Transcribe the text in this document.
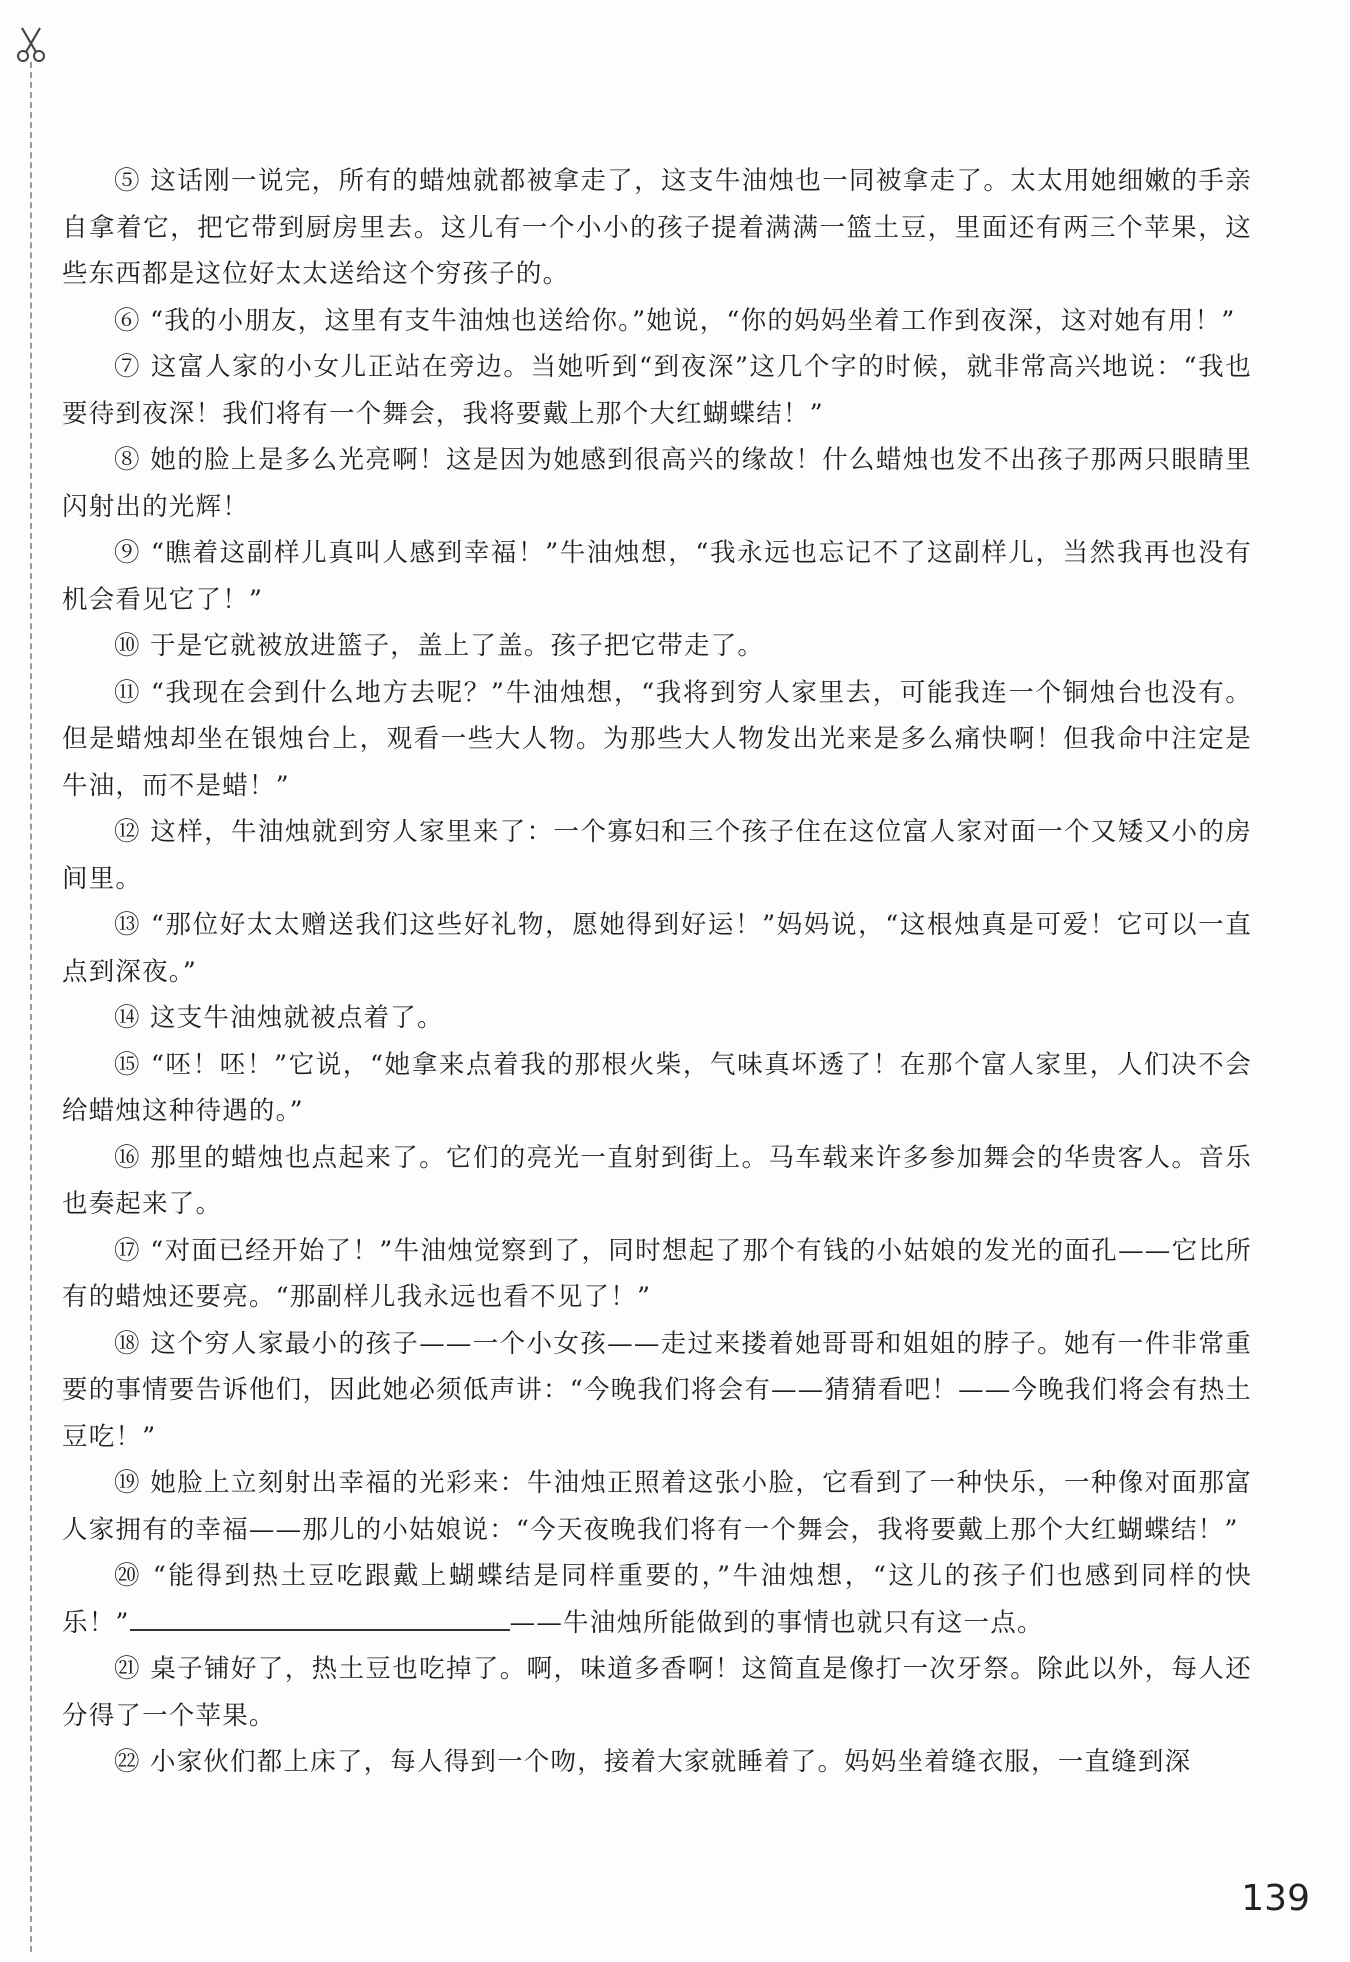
⑤ 这话刚一说完，所有的蜡烛就都被拿走了，这支牛油烛也一同被拿走了。太太用她细嫩的手亲自拿着它，把它带到厨房里去。这儿有一个小小的孩子提着满满一篮土豆，里面还有两三个苹果，这些东西都是这位好太太送给这个穷孩子的。

⑥ “我的小朋友，这里有支牛油烛也送给你。”她说，“你的妈妈坐着工作到夜深，这对她有用！”

⑦ 这富人家的小女儿正站在旁边。当她听到“到夜深”这几个字的时候，就非常高兴地说：“我也要待到夜深！我们将有一个舞会，我将要戴上那个大红蝴蝶结！”

⑧ 她的脸上是多么光亮啊！这是因为她感到很高兴的缘故！什么蜡烛也发不出孩子那两只眼睛里闪射出的光辉！

⑨ “瞧着这副样儿真叫人感到幸福！”牛油烛想，“我永远也忘记不了这副样儿，当然我再也没有机会看见它了！”

⑩ 于是它就被放进篮子，盖上了盖。孩子把它带走了。

⑪ “我现在会到什么地方去呢？”牛油烛想，“我将到穷人家里去，可能我连一个铜烛台也没有。但是蜡烛却坐在银烛台上，观看一些大人物。为那些大人物发出光来是多么痛快啊！但我命中注定是牛油，而不是蜡！”

⑫ 这样，牛油烛就到穷人家里来了：一个寡妇和三个孩子住在这位富人家对面一个又矮又小的房间里。

⑬ “那位好太太赠送我们这些好礼物，愿她得到好运！”妈妈说，“这根烛真是可爱！它可以一直点到深夜。”

⑭ 这支牛油烛就被点着了。

⑮ “呸！呸！”它说，“她拿来点着我的那根火柴，气味真坏透了！在那个富人家里，人们决不会给蜡烛这种待遇的。”

⑯ 那里的蜡烛也点起来了。它们的亮光一直射到街上。马车载来许多参加舞会的华贵客人。音乐也奏起来了。

⑰ “对面已经开始了！”牛油烛觉察到了，同时想起了那个有钱的小姑娘的发光的面孔——它比所有的蜡烛还要亮。“那副样儿我永远也看不见了！”

⑱ 这个穷人家最小的孩子——一个小女孩——走过来搂着她哥哥和姐姐的脖子。她有一件非常重要的事情要告诉他们，因此她必须低声讲：“今晚我们将会有——猜猜看吧！——今晚我们将会有热土豆吃！”

⑲ 她脸上立刻射出幸福的光彩来：牛油烛正照着这张小脸，它看到了一种快乐，一种像对面那富人家拥有的幸福——那儿的小姑娘说：“今天夜晚我们将有一个舞会，我将要戴上那个大红蝴蝶结！”

⑳ “能得到热土豆吃跟戴上蝴蝶结是同样重要的，”牛油烛想，“这儿的孩子们也感到同样的快乐！”	——牛油烛所能做到的事情也就只有这一点。

㉑ 桌子铺好了，热土豆也吃掉了。啊，味道多香啊！这简直是像打一次牙祭。除此以外，每人还分得了一个苹果。

㉒ 小家伙们都上床了，每人得到一个吻，接着大家就睡着了。妈妈坐着缝衣服，一直缝到深

139
